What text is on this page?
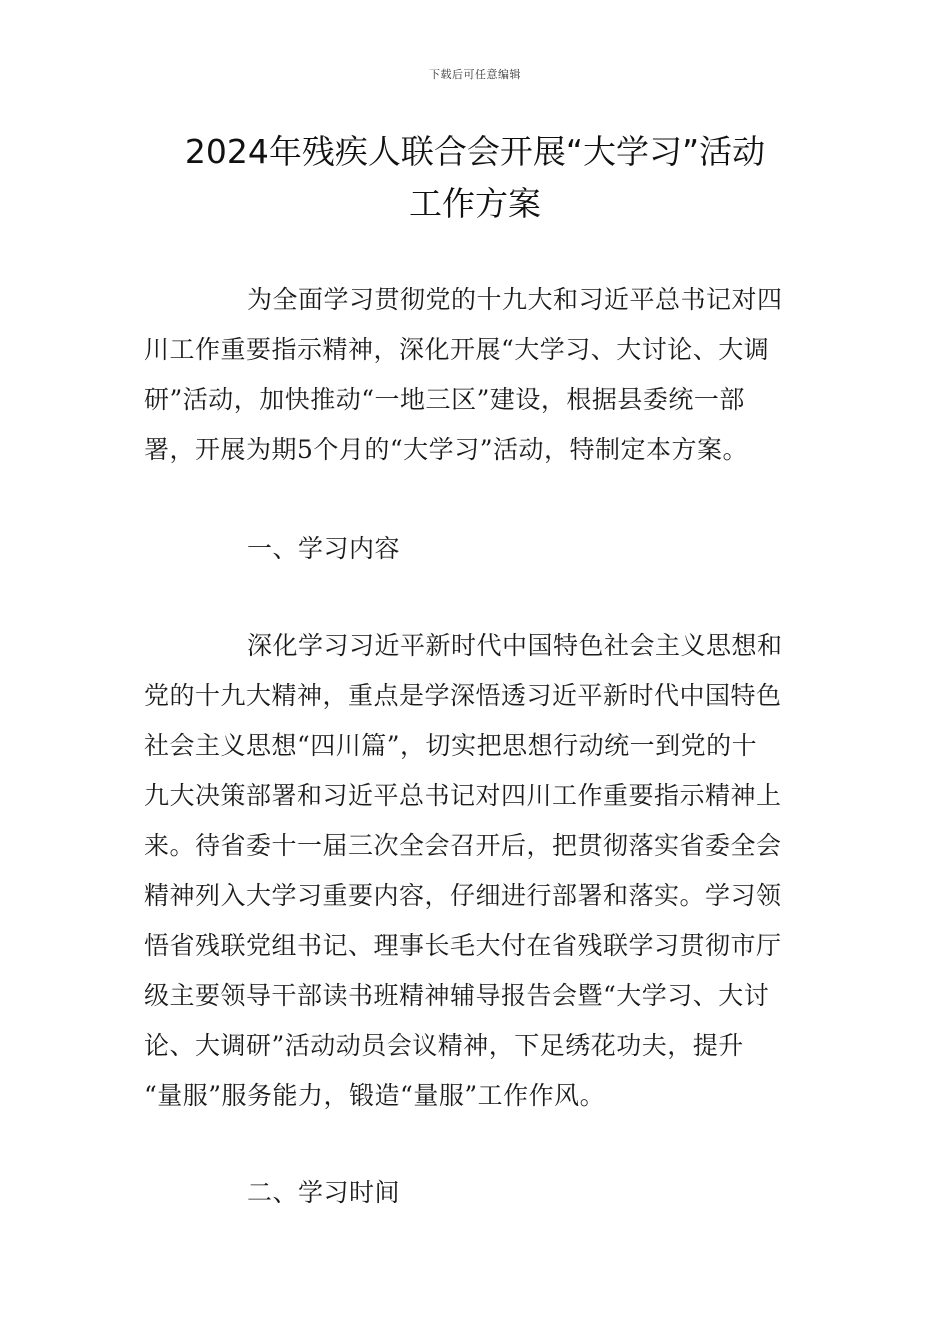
下载后可任意编辑
2024年残疾人联合会开展“大学习”活动
工作方案
为全面学习贯彻党的十九大和习近平总书记对四
川工作重要指示精神，深化开展“大学习、大讨论、大调
研”活动，加快推动“一地三区”建设，根据县委统一部
署，开展为期5个月的“大学习”活动，特制定本方案。
一、学习内容
深化学习习近平新时代中国特色社会主义思想和
党的十九大精神，重点是学深悟透习近平新时代中国特色
社会主义思想“四川篇”，切实把思想行动统一到党的十
九大决策部署和习近平总书记对四川工作重要指示精神上
来。待省委十一届三次全会召开后，把贯彻落实省委全会
精神列入大学习重要内容，仔细进行部署和落实。学习领
悟省残联党组书记、理事长毛大付在省残联学习贯彻市厅
级主要领导干部读书班精神辅导报告会暨“大学习、大讨
论、大调研”活动动员会议精神，下足绣花功夫，提升
“量服”服务能力，锻造“量服”工作作风。
二、学习时间
